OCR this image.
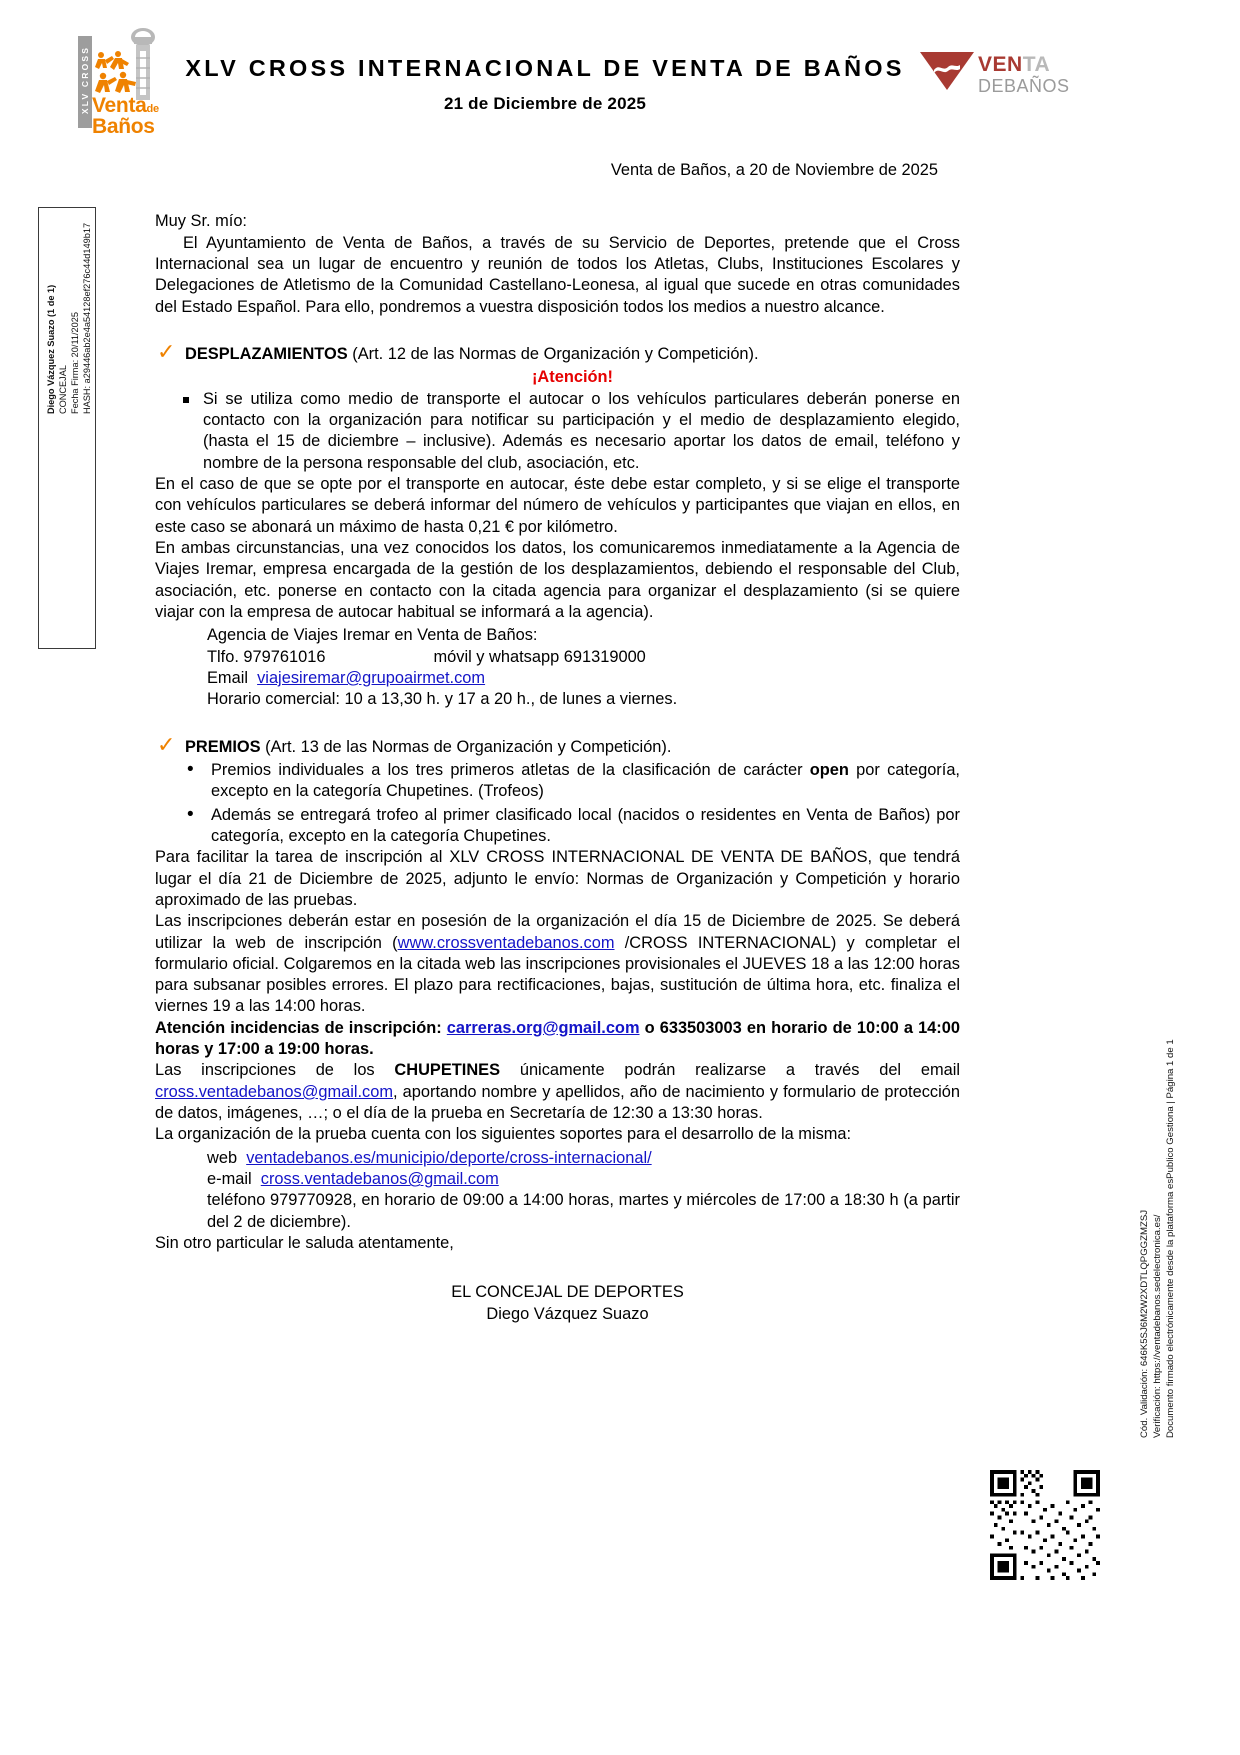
XLV CROSS Ventade
Baños
XLV CROSS INTERNACIONAL DE VENTA DE BAÑOS
21 de Diciembre de 2025
VENTA
DEBAÑOS
Diego Vázquez Suazo (1 de 1) CONCEJAL Fecha Firma: 20/11/2025 HASH: a29446ab2e4a54128ef276c44d149b17
Cód. Validación: 646K5SJ6M2W2XDTLQPGGZMZSJ Verificación: https://ventadebanos.sedelectronica.es/ Documento firmado electrónicamente desde la plataforma esPublico Gestiona | Página 1 de 1
Venta de Baños, a 20 de Noviembre de 2025
Muy Sr. mío:

El Ayuntamiento de Venta de Baños, a través de su Servicio de Deportes, pretende que el Cross Internacional sea un lugar de encuentro y reunión de todos los Atletas, Clubs, Instituciones Escolares y Delegaciones de Atletismo de la Comunidad Castellano-Leonesa, al igual que sucede en otras comunidades del Estado Español. Para ello, pondremos a vuestra disposición todos los medios a nuestro alcance.

✓ DESPLAZAMIENTOS (Art. 12 de las Normas de Organización y Competición).
¡Atención!

Si se utiliza como medio de transporte el autocar o los vehículos particulares deberán ponerse en contacto con la organización para notificar su participación y el medio de desplazamiento elegido, (hasta el 15 de diciembre – inclusive). Además es necesario aportar los datos de email, teléfono y nombre de la persona responsable del club, asociación, etc.

En el caso de que se opte por el transporte en autocar, éste debe estar completo, y si se elige el transporte con vehículos particulares se deberá informar del número de vehículos y participantes que viajan en ellos, en este caso se abonará un máximo de hasta 0,21 € por kilómetro.

En ambas circunstancias, una vez conocidos los datos, los comunicaremos inmediatamente a la Agencia de Viajes Iremar, empresa encargada de la gestión de los desplazamientos, debiendo el responsable del Club, asociación, etc. ponerse en contacto con la citada agencia para organizar el desplazamiento (si se quiere viajar con la empresa de autocar habitual se informará a la agencia).

Agencia de Viajes Iremar en Venta de Baños:
Tlfo. 979761016	móvil y whatsapp 691319000
Email viajesiremar@grupoairmet.com
Horario comercial: 10 a 13,30 h. y 17 a 20 h., de lunes a viernes.
✓ PREMIOS (Art. 13 de las Normas de Organización y Competición).
• Premios individuales a los tres primeros atletas de la clasificación de carácter open por categoría, excepto en la categoría Chupetines. (Trofeos)
• Además se entregará trofeo al primer clasificado local (nacidos o residentes en Venta de Baños) por categoría, excepto en la categoría Chupetines.

Para facilitar la tarea de inscripción al XLV CROSS INTERNACIONAL DE VENTA DE BAÑOS, que tendrá lugar el día 21 de Diciembre de 2025, adjunto le envío: Normas de Organización y Competición y horario aproximado de las pruebas.

Las inscripciones deberán estar en posesión de la organización el día 15 de Diciembre de 2025. Se deberá utilizar la web de inscripción (www.crossventadebanos.com /CROSS INTERNACIONAL) y completar el formulario oficial. Colgaremos en la citada web las inscripciones provisionales el JUEVES 18 a las 12:00 horas para subsanar posibles errores. El plazo para rectificaciones, bajas, sustitución de última hora, etc. finaliza el viernes 19 a las 14:00 horas.

Atención incidencias de inscripción: carreras.org@gmail.com o 633503003 en horario de 10:00 a 14:00 horas y 17:00 a 19:00 horas.

Las inscripciones de los CHUPETINES únicamente podrán realizarse a través del email cross.ventadebanos@gmail.com, aportando nombre y apellidos, año de nacimiento y formulario de protección de datos, imágenes, …; o el día de la prueba en Secretaría de 12:30 a 13:30 horas.

La organización de la prueba cuenta con los siguientes soportes para el desarrollo de la misma:

web ventadebanos.es/municipio/deporte/cross-internacional/
e-mail cross.ventadebanos@gmail.com
teléfono 979770928, en horario de 09:00 a 14:00 horas, martes y miércoles de 17:00 a 18:30 h (a partir del 2 de diciembre).

Sin otro particular le saluda atentamente,

EL CONCEJAL DE DEPORTES
Diego Vázquez Suazo
